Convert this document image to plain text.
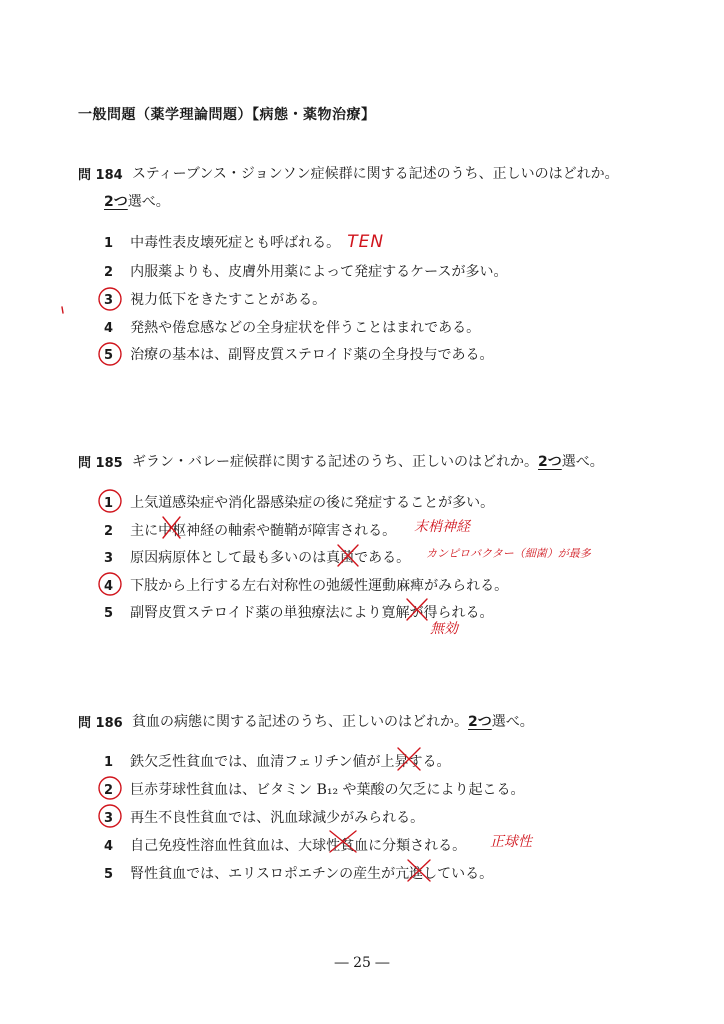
一般問題（薬学理論問題）【病態・薬物治療】
問 184 スティーブンス・ジョンソン症候群に関する記述のうち、正しいのはどれか。
2つ選べ。
1 中毒性表皮壊死症とも呼ばれる。 TEN
2 内服薬よりも、皮膚外用薬によって発症するケースが多い。
3 視力低下をきたすことがある。
4 発熱や倦怠感などの全身症状を伴うことはまれである。
5 治療の基本は、副腎皮質ステロイド薬の全身投与である。
問 185 ギラン・バレー症候群に関する記述のうち、正しいのはどれか。2つ選べ。
1 上気道感染症や消化器感染症の後に発症することが多い。
2 主に中枢神経の軸索や髄鞘が障害される。 末梢神経
3 原因病原体として最も多いのは真菌である。 カンピロバクター（細菌）が最多
4 下肢から上行する左右対称性の弛緩性運動麻痺がみられる。
5 副腎皮質ステロイド薬の単独療法により寛解が得られる。
無効
問 186 貧血の病態に関する記述のうち、正しいのはどれか。2つ選べ。
1 鉄欠乏性貧血では、血清フェリチン値が上昇する。
2 巨赤芽球性貧血は、ビタミン B₁₂ や葉酸の欠乏により起こる。
3 再生不良性貧血では、汎血球減少がみられる。
4 自己免疫性溶血性貧血は、大球性貧血に分類される。 正球性
5 腎性貧血では、エリスロポエチンの産生が亢進している。
― 25 ―
